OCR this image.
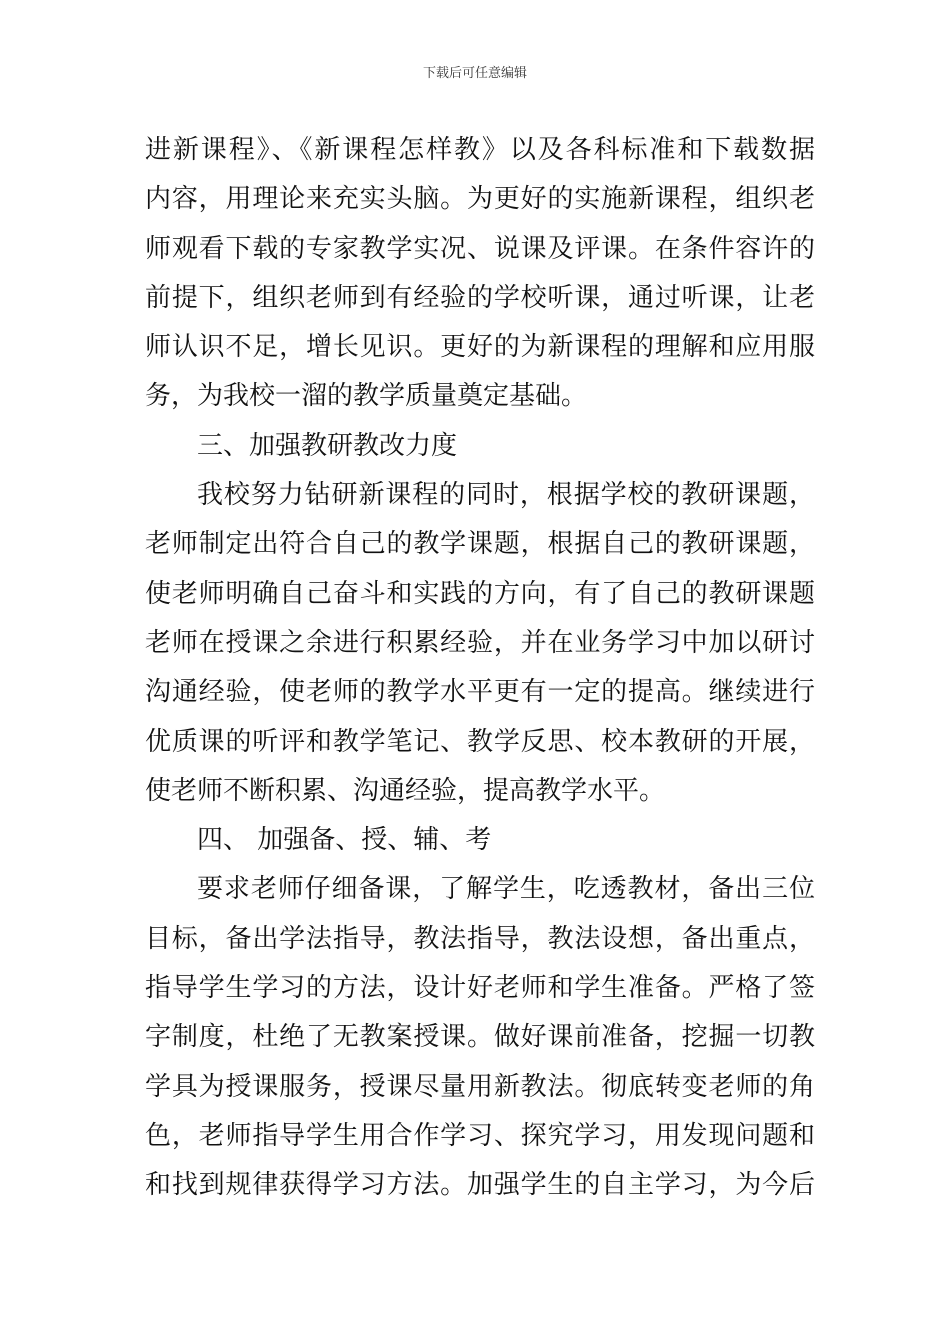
下载后可任意编辑
进新课程》、《新课程怎样教》以及各科标准和下载数据
内容，用理论来充实头脑。为更好的实施新课程，组织老
师观看下载的专家教学实况、说课及评课。在条件容许的
前提下，组织老师到有经验的学校听课，通过听课，让老
师认识不足，增长见识。更好的为新课程的理解和应用服
务，为我校一溜的教学质量奠定基础。
三、加强教研教改力度
我校努力钻研新课程的同时，根据学校的教研课题，
老师制定出符合自己的教学课题，根据自己的教研课题，
使老师明确自己奋斗和实践的方向，有了自己的教研课题
老师在授课之余进行积累经验，并在业务学习中加以研讨
沟通经验，使老师的教学水平更有一定的提高。继续进行
优质课的听评和教学笔记、教学反思、校本教研的开展，
使老师不断积累、沟通经验，提高教学水平。
四、 加强备、授、辅、考
要求老师仔细备课，了解学生，吃透教材，备出三位
目标，备出学法指导，教法指导，教法设想，备出重点，
指导学生学习的方法，设计好老师和学生准备。严格了签
字制度，杜绝了无教案授课。做好课前准备，挖掘一切教
学具为授课服务，授课尽量用新教法。彻底转变老师的角
色，老师指导学生用合作学习、探究学习，用发现问题和
和找到规律获得学习方法。加强学生的自主学习，为今后
